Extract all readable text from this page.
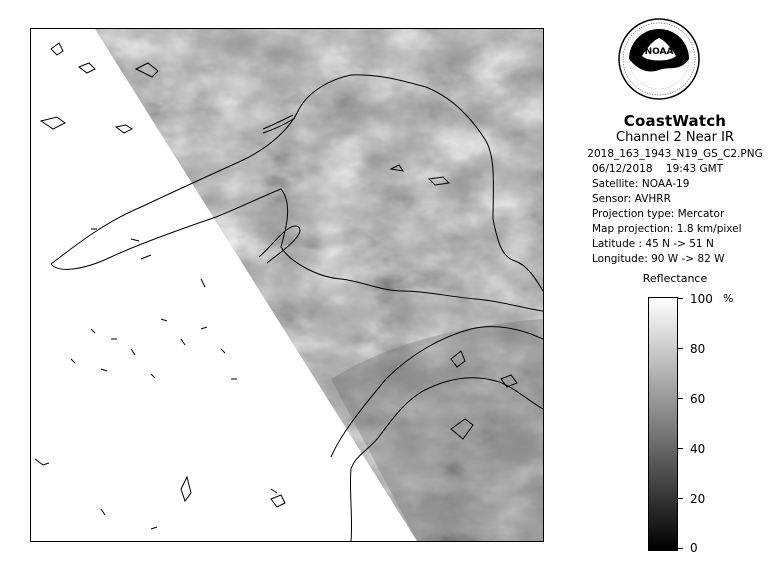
NOAA
CoastWatch
Channel 2 Near IR
2018_163_1943_N19_GS_C2.PNG
06/12/2018 19:43 GMT
Satellite: NOAA-19
Sensor: AVHRR
Projection type: Mercator
Map projection: 1.8 km/pixel
Latitude : 45 N -> 51 N
Longitude: 90 W -> 82 W
Reflectance
%
100
80
60
40
20
0
